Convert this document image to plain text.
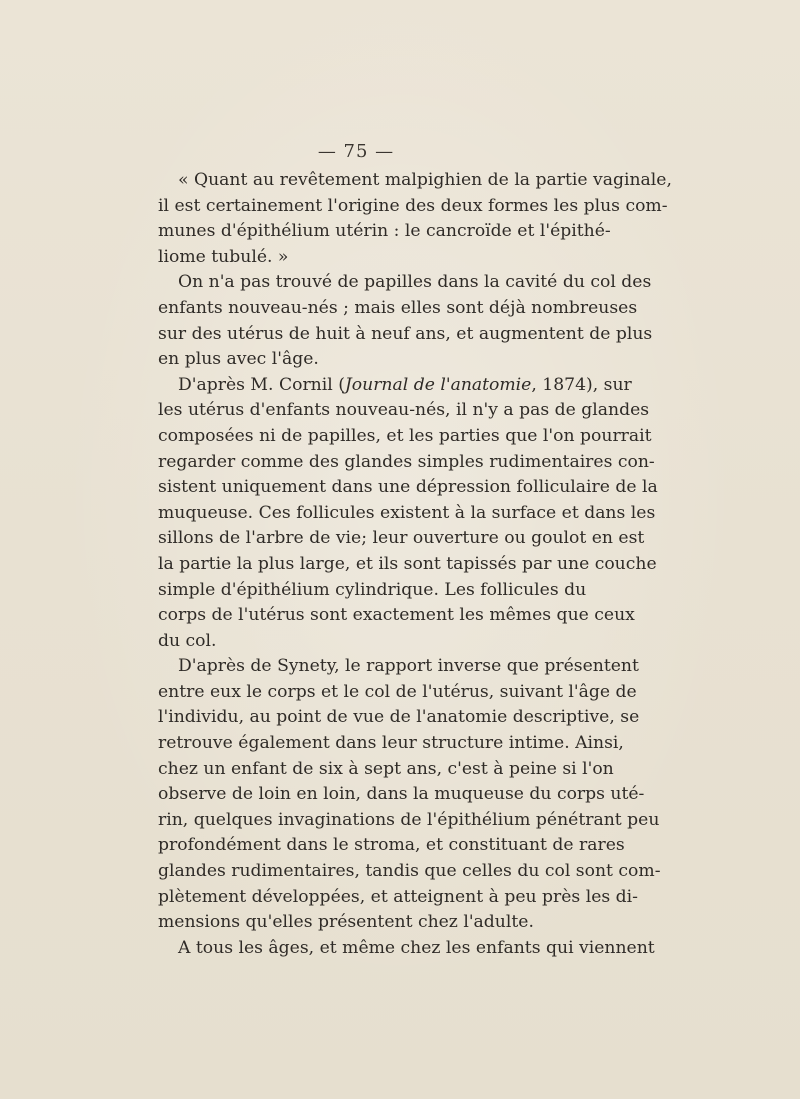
— 75 —

« Quant au revêtement malpighien de la partie vaginale,
il est certainement l'origine des deux formes les plus com-
munes d'épithélium utérin : le cancroïde et l'épithé-
liome tubulé. »

On n'a pas trouvé de papilles dans la cavité du col des
enfants nouveau-nés ; mais elles sont déjà nombreuses
sur des utérus de huit à neuf ans, et augmentent de plus
en plus avec l'âge.

D'après M. Cornil (Journal de l'anatomie, 1874), sur
les utérus d'enfants nouveau-nés, il n'y a pas de glandes
composées ni de papilles, et les parties que l'on pourrait
regarder comme des glandes simples rudimentaires con-
sistent uniquement dans une dépression folliculaire de la
muqueuse. Ces follicules existent à la surface et dans les
sillons de l'arbre de vie; leur ouverture ou goulot en est
la partie la plus large, et ils sont tapissés par une couche
simple d'épithélium cylindrique. Les follicules du
corps de l'utérus sont exactement les mêmes que ceux
du col.

D'après de Synety, le rapport inverse que présentent
entre eux le corps et le col de l'utérus, suivant l'âge de
l'individu, au point de vue de l'anatomie descriptive, se
retrouve également dans leur structure intime. Ainsi,
chez un enfant de six à sept ans, c'est à peine si l'on
observe de loin en loin, dans la muqueuse du corps uté-
rin, quelques invaginations de l'épithélium pénétrant peu
profondément dans le stroma, et constituant de rares
glandes rudimentaires, tandis que celles du col sont com-
plètement développées, et atteignent à peu près les di-
mensions qu'elles présentent chez l'adulte.

A tous les âges, et même chez les enfants qui viennent
